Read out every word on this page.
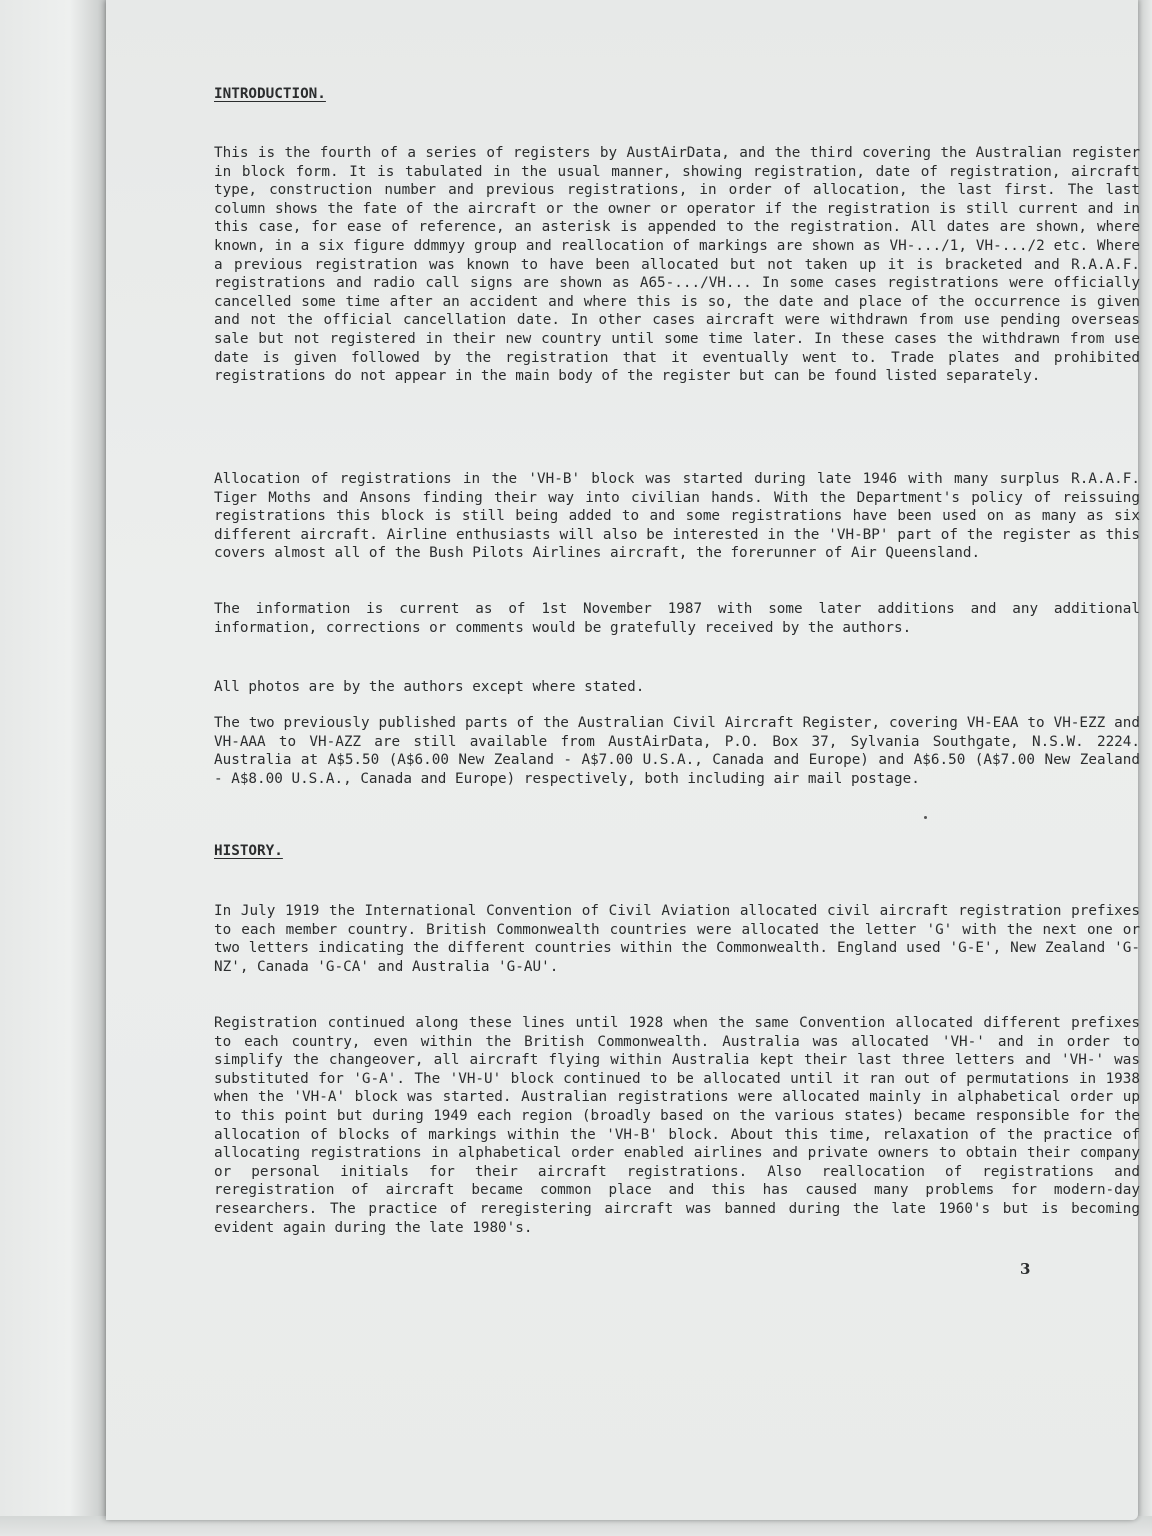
INTRODUCTION.

This is the fourth of a series of registers by AustAirData, and the third covering the Australian register in block form. It is tabulated in the usual manner, showing registration, date of registration, aircraft type, construction number and previous registrations, in order of allocation, the last first. The last column shows the fate of the aircraft or the owner or operator if the registration is still current and in this case, for ease of reference, an asterisk is appended to the registration. All dates are shown, where known, in a six figure ddmmyy group and reallocation of markings are shown as VH-.../1, VH-.../2 etc. Where a previous registration was known to have been allocated but not taken up it is bracketed and R.A.A.F. registrations and radio call signs are shown as A65-.../VH... In some cases registrations were officially cancelled some time after an accident and where this is so, the date and place of the occurrence is given and not the official cancellation date. In other cases aircraft were withdrawn from use pending overseas sale but not registered in their new country until some time later. In these cases the withdrawn from use date is given followed by the registration that it eventually went to. Trade plates and prohibited registrations do not appear in the main body of the register but can be found listed separately.

Allocation of registrations in the 'VH-B' block was started during late 1946 with many surplus R.A.A.F. Tiger Moths and Ansons finding their way into civilian hands. With the Department's policy of reissuing registrations this block is still being added to and some registrations have been used on as many as six different aircraft. Airline enthusiasts will also be interested in the 'VH-BP' part of the register as this covers almost all of the Bush Pilots Airlines aircraft, the forerunner of Air Queensland.

The information is current as of 1st November 1987 with some later additions and any additional information, corrections or comments would be gratefully received by the authors.

All photos are by the authors except where stated.

The two previously published parts of the Australian Civil Aircraft Register, covering VH-EAA to VH-EZZ and VH-AAA to VH-AZZ are still available from AustAirData, P.O. Box 37, Sylvania Southgate, N.S.W. 2224. Australia at A$5.50 (A$6.00 New Zealand - A$7.00 U.S.A., Canada and Europe) and A$6.50 (A$7.00 New Zealand - A$8.00 U.S.A., Canada and Europe) respectively, both including air mail postage.

HISTORY.

In July 1919 the International Convention of Civil Aviation allocated civil aircraft registration prefixes to each member country. British Commonwealth countries were allocated the letter 'G' with the next one or two letters indicating the different countries within the Commonwealth. England used 'G-E', New Zealand 'G-NZ', Canada 'G-CA' and Australia 'G-AU'.

Registration continued along these lines until 1928 when the same Convention allocated different prefixes to each country, even within the British Commonwealth. Australia was allocated 'VH-' and in order to simplify the changeover, all aircraft flying within Australia kept their last three letters and 'VH-' was substituted for 'G-A'. The 'VH-U' block continued to be allocated until it ran out of permutations in 1938 when the 'VH-A' block was started. Australian registrations were allocated mainly in alphabetical order up to this point but during 1949 each region (broadly based on the various states) became responsible for the allocation of blocks of markings within the 'VH-B' block. About this time, relaxation of the practice of allocating registrations in alphabetical order enabled airlines and private owners to obtain their company or personal initials for their aircraft registrations. Also reallocation of registrations and reregistration of aircraft became common place and this has caused many problems for modern-day researchers. The practice of reregistering aircraft was banned during the late 1960's but is becoming evident again during the late 1980's.

3
